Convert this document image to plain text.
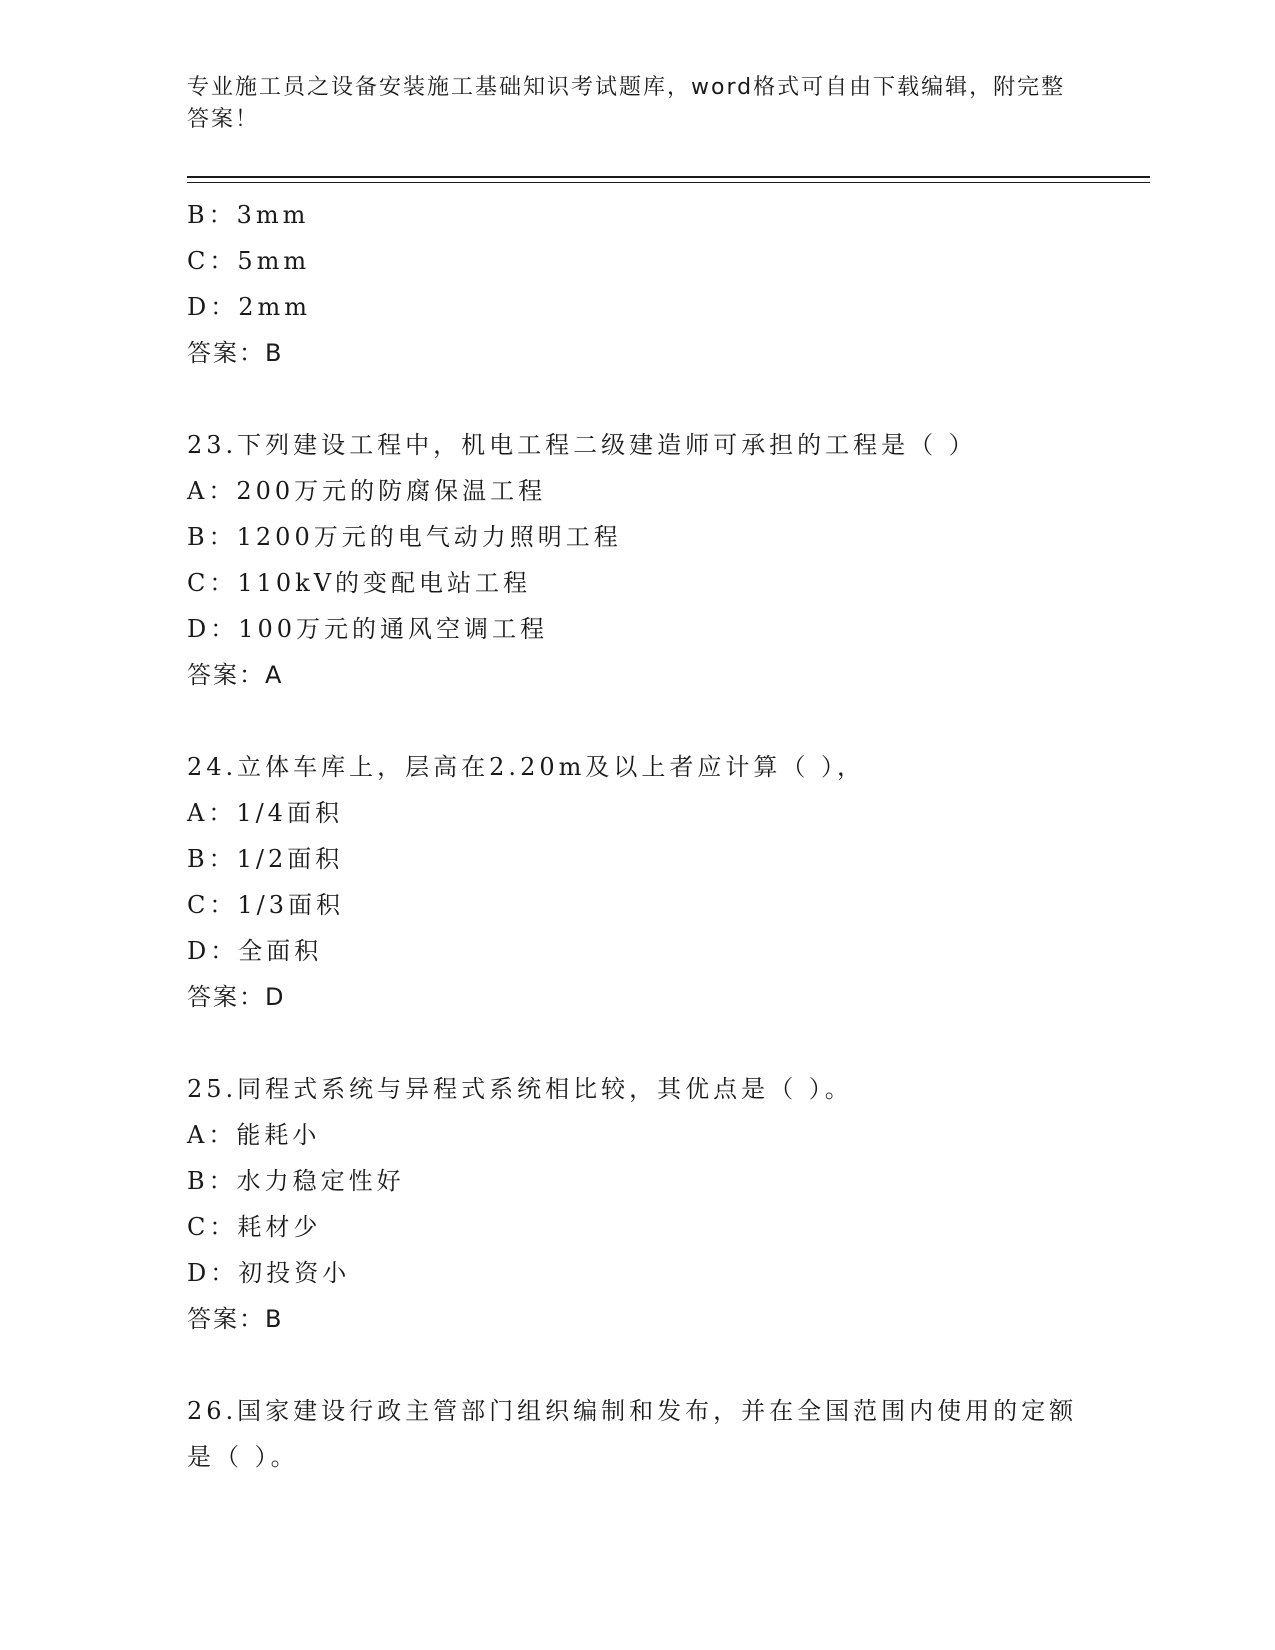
专业施工员之设备安装施工基础知识考试题库，word格式可自由下载编辑，附完整答案！
B：3mm
C：5mm
D：2mm
答案：B
23.下列建设工程中，机电工程二级建造师可承担的工程是（ ）
A：200万元的防腐保温工程
B：1200万元的电气动力照明工程
C：110kV的变配电站工程
D：100万元的通风空调工程
答案：A
24.立体车库上，层高在2.20m及以上者应计算（ ），
A：1/4面积
B：1/2面积
C：1/3面积
D：全面积
答案：D
25.同程式系统与异程式系统相比较，其优点是（ ）。
A：能耗小
B：水力稳定性好
C：耗材少
D：初投资小
答案：B
26.国家建设行政主管部门组织编制和发布，并在全国范围内使用的定额是（ ）。
